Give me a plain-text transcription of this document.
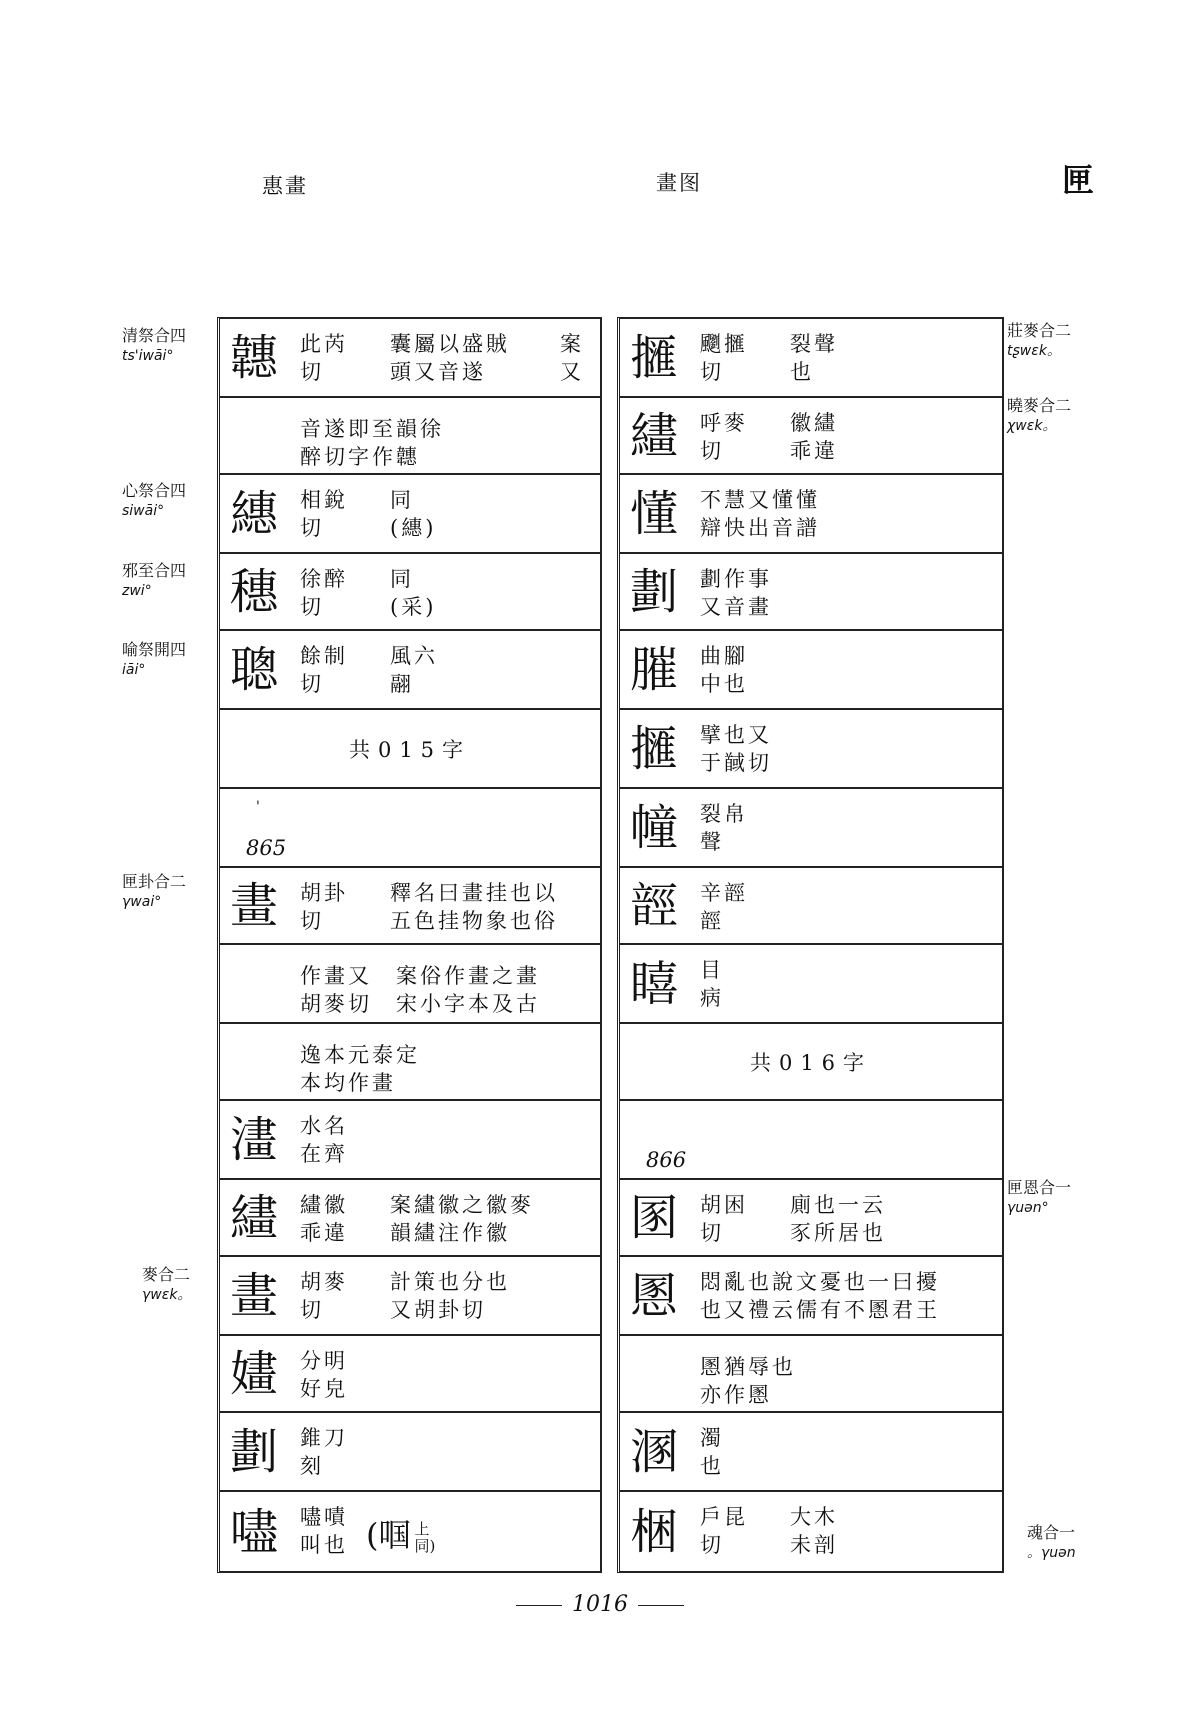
惠畫	畫图	匣
韢 此芮
切
囊屬以盛賊
頭又音遂
案
又
音遂即至韻徐
醉切字作韢
繐 相銳
切
同
(繐)
穗 徐醉
切
同
(采)
聰 餘制
切
風六
翮
共015字
865
'
畫 胡卦
切
釋名曰畫挂也以
五色挂物象也俗
作畫又　案俗作畫之畫
胡麥切　宋小字本及古
逸本元泰定
本均作畫
澅 水名
在齊
繣 繣徽
乖違
案繣徽之徽麥
韻繣注作徽
畫 胡麥
切
計策也分也
又胡卦切
嫿 分明
好皃
劃 錐刀
刻
嚍 嚍嘖
叫也 (啯 上
同)
擓 䬟擓
切
裂聲
也
繣 呼麥
切
徽繣
乖違
懂 不慧又懂懂
辯快出音譜
劃 劃作事
又音畫
膗 曲腳
中也
擓 擘也又
于馘切
幢 裂帛
聲
䪫 辛䪫
䪫
瞦 目
病
共016字
866
圂 胡困
切
廁也一云
豕所居也
慁 悶亂也說文憂也一曰擾
也又禮云儒有不慁君王
慁猶辱也
亦作慁
溷 濁
也
梱 戶昆
切
大木
未剖
清祭合四
ts'iwāi°
心祭合四
siwāi°
邪至合四
zwi°
喻祭開四
iāi°
匣卦合二
γwai°
麥合二
γwɛk。
莊麥合二
tʂwɛk。
曉麥合二
χwɛk。
匣恩合一
γuən°
魂合一
。γuən
1016
